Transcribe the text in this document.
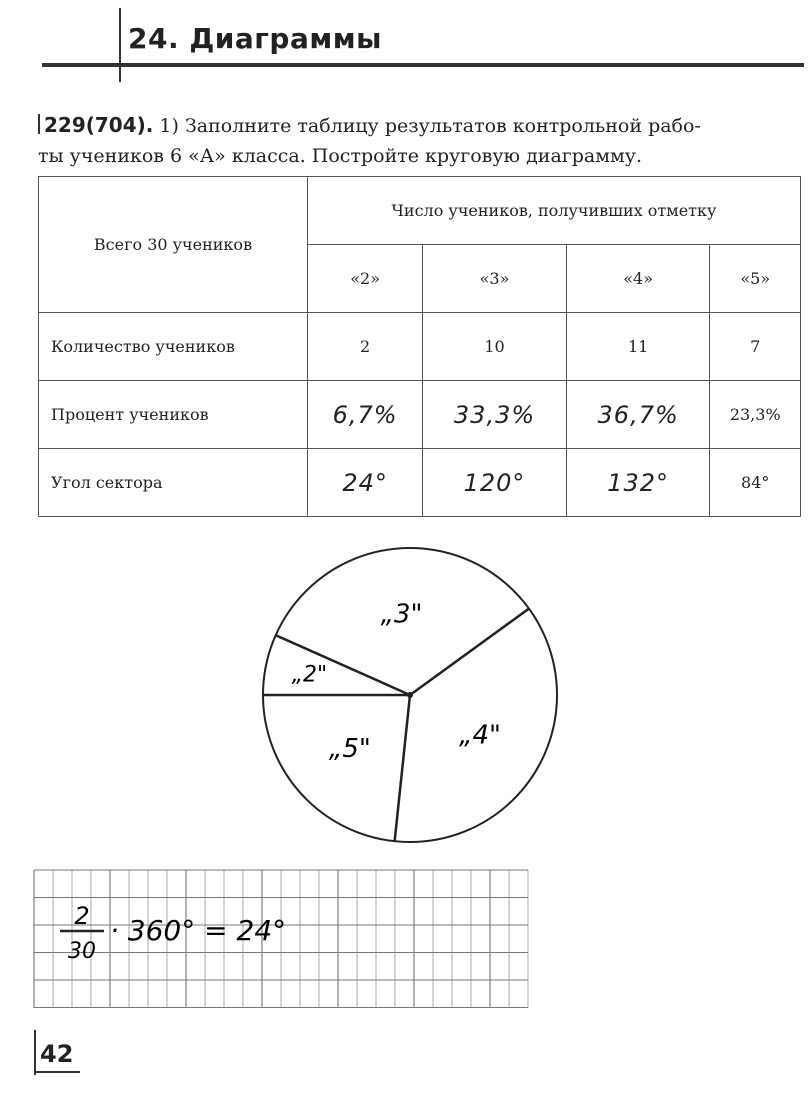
24. Диаграммы
229(704). 1) Заполните таблицу результатов контрольной рабо-
ты учеников 6 «А» класса. Постройте круговую диаграмму.
Всего 30 учеников	Число учеников, получивших отметку			
	«2»	«3»	«4»	«5»
Количество учеников	2	10	11	7
Процент учеников	6,7%	33,3%	36,7%	23,3%
Угол сектора	24°	120°	132°	84°
„2"
„3"
„4"
„5"
2
30
· 360° = 24°
42
